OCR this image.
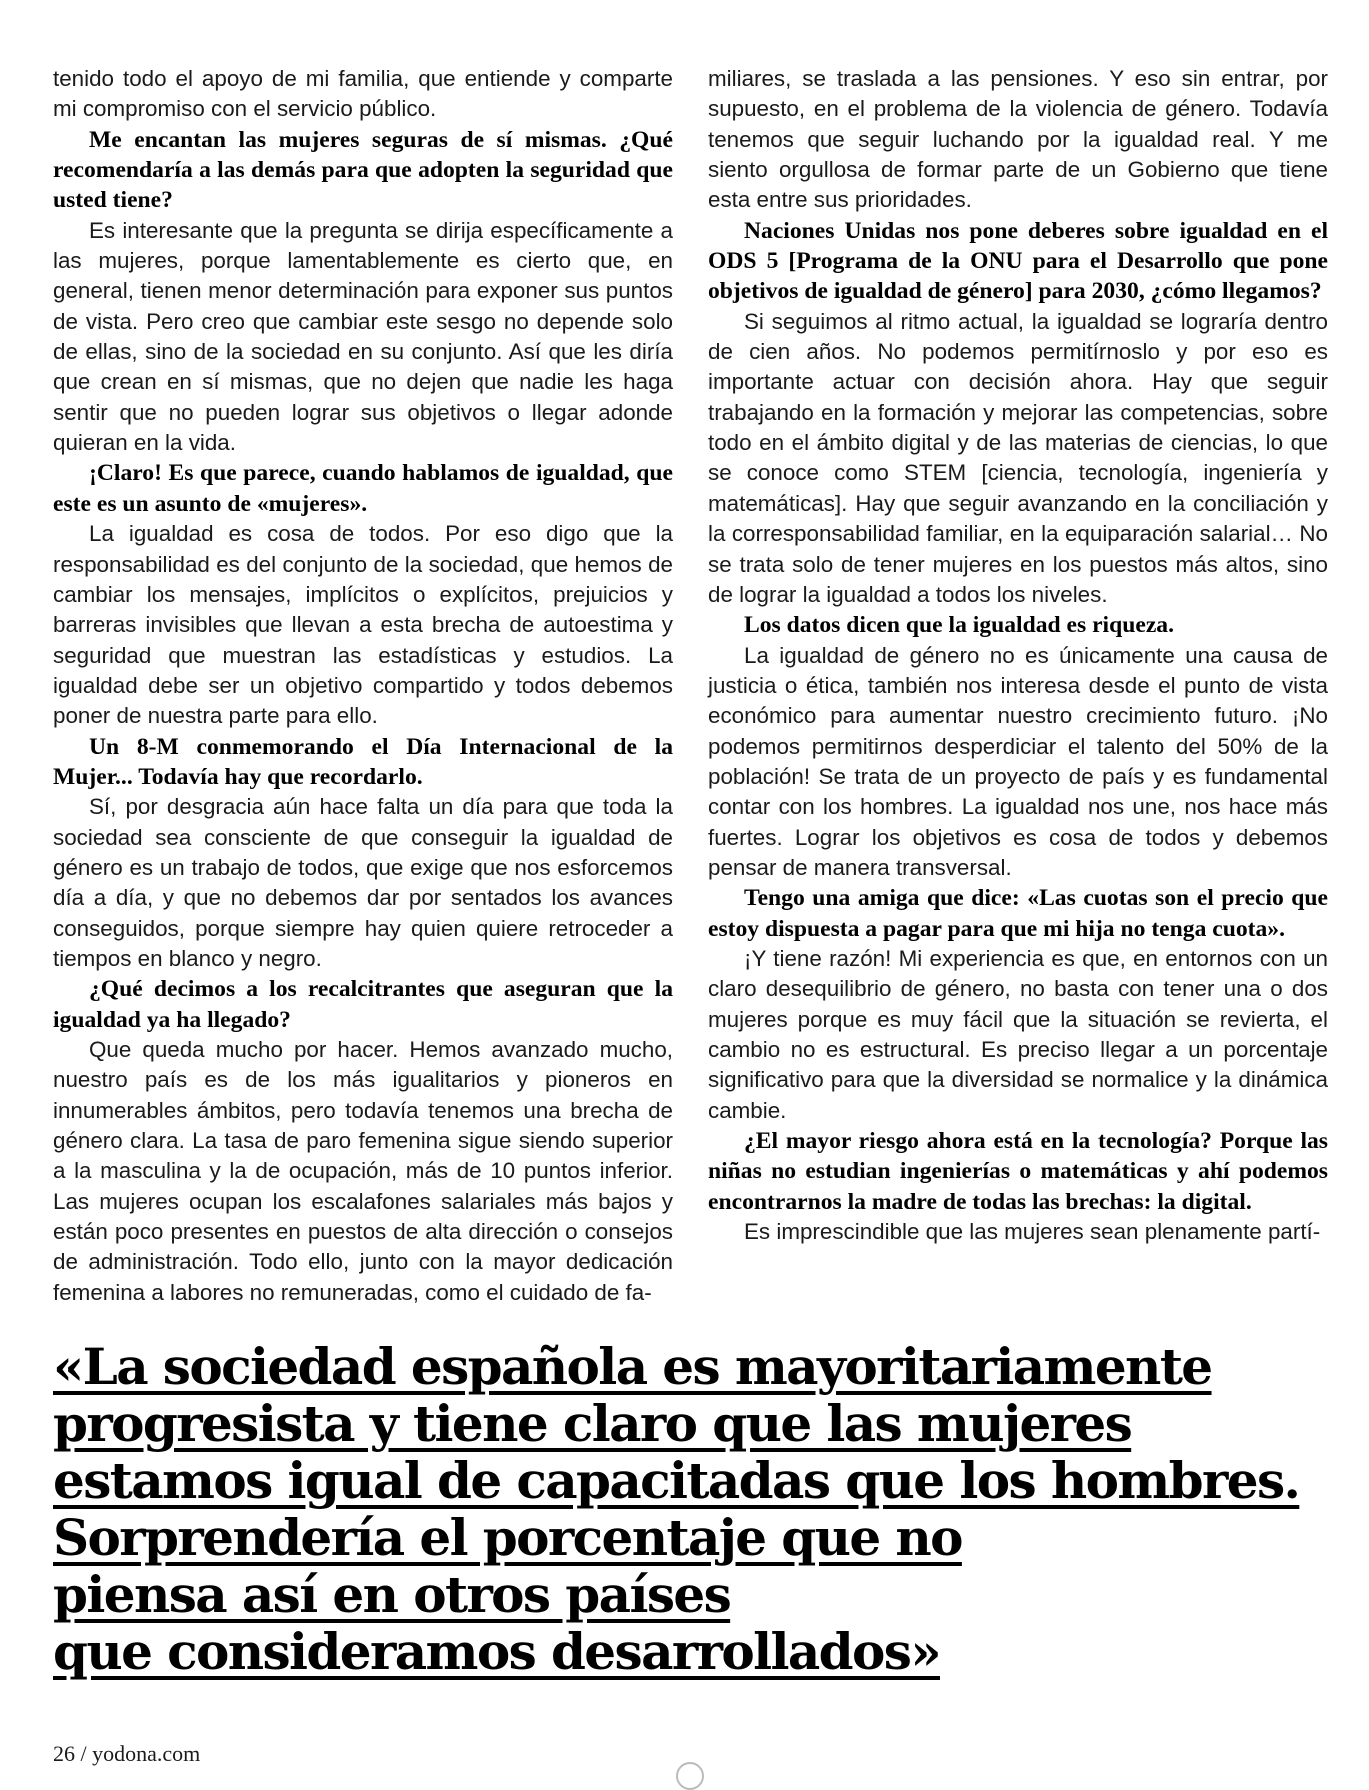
tenido todo el apoyo de mi familia, que entiende y comparte mi compromiso con el servicio público.

Me encantan las mujeres seguras de sí mismas. ¿Qué recomendaría a las demás para que adopten la seguridad que usted tiene?

Es interesante que la pregunta se dirija específicamente a las mujeres, porque lamentablemente es cierto que, en general, tienen menor determinación para exponer sus puntos de vista. Pero creo que cambiar este sesgo no depende solo de ellas, sino de la sociedad en su conjunto. Así que les diría que crean en sí mismas, que no dejen que nadie les haga sentir que no pueden lograr sus objetivos o llegar adonde quieran en la vida.

¡Claro! Es que parece, cuando hablamos de igualdad, que este es un asunto de «mujeres».

La igualdad es cosa de todos. Por eso digo que la responsabilidad es del conjunto de la sociedad, que hemos de cambiar los mensajes, implícitos o explícitos, prejuicios y barreras invisibles que llevan a esta brecha de autoestima y seguridad que muestran las estadísticas y estudios. La igualdad debe ser un objetivo compartido y todos debemos poner de nuestra parte para ello.

Un 8-M conmemorando el Día Internacional de la Mujer... Todavía hay que recordarlo.

Sí, por desgracia aún hace falta un día para que toda la sociedad sea consciente de que conseguir la igualdad de género es un trabajo de todos, que exige que nos esforcemos día a día, y que no debemos dar por sentados los avances conseguidos, porque siempre hay quien quiere retroceder a tiempos en blanco y negro.

¿Qué decimos a los recalcitrantes que aseguran que la igualdad ya ha llegado?

Que queda mucho por hacer. Hemos avanzado mucho, nuestro país es de los más igualitarios y pioneros en innumerables ámbitos, pero todavía tenemos una brecha de género clara. La tasa de paro femenina sigue siendo superior a la masculina y la de ocupación, más de 10 puntos inferior. Las mujeres ocupan los escalafones salariales más bajos y están poco presentes en puestos de alta dirección o consejos de administración. Todo ello, junto con la mayor dedicación femenina a labores no remuneradas, como el cuidado de fa-

miliares, se traslada a las pensiones. Y eso sin entrar, por supuesto, en el problema de la violencia de género. Todavía tenemos que seguir luchando por la igualdad real. Y me siento orgullosa de formar parte de un Gobierno que tiene esta entre sus prioridades.

Naciones Unidas nos pone deberes sobre igualdad en el ODS 5 [Programa de la ONU para el Desarrollo que pone objetivos de igualdad de género] para 2030, ¿cómo llegamos?

Si seguimos al ritmo actual, la igualdad se lograría dentro de cien años. No podemos permitírnoslo y por eso es importante actuar con decisión ahora. Hay que seguir trabajando en la formación y mejorar las competencias, sobre todo en el ámbito digital y de las materias de ciencias, lo que se conoce como STEM [ciencia, tecnología, ingeniería y matemáticas]. Hay que seguir avanzando en la conciliación y la corresponsabilidad familiar, en la equiparación salarial… No se trata solo de tener mujeres en los puestos más altos, sino de lograr la igualdad a todos los niveles.

Los datos dicen que la igualdad es riqueza.

La igualdad de género no es únicamente una causa de justicia o ética, también nos interesa desde el punto de vista económico para aumentar nuestro crecimiento futuro. ¡No podemos permitirnos desperdiciar el talento del 50% de la población! Se trata de un proyecto de país y es fundamental contar con los hombres. La igualdad nos une, nos hace más fuertes. Lograr los objetivos es cosa de todos y debemos pensar de manera transversal.

Tengo una amiga que dice: «Las cuotas son el precio que estoy dispuesta a pagar para que mi hija no tenga cuota».

¡Y tiene razón! Mi experiencia es que, en entornos con un claro desequilibrio de género, no basta con tener una o dos mujeres porque es muy fácil que la situación se revierta, el cambio no es estructural. Es preciso llegar a un porcentaje significativo para que la diversidad se normalice y la dinámica cambie.

¿El mayor riesgo ahora está en la tecnología? Porque las niñas no estudian ingenierías o matemáticas y ahí podemos encontrarnos la madre de todas las brechas: la digital.

Es imprescindible que las mujeres sean plenamente partí-

«La sociedad española es mayoritariamente
progresista y tiene claro que las mujeres
estamos igual de capacitadas que los hombres.
Sorprendería el porcentaje que no
piensa así en otros países
que consideramos desarrollados»
26 / yodona.com
